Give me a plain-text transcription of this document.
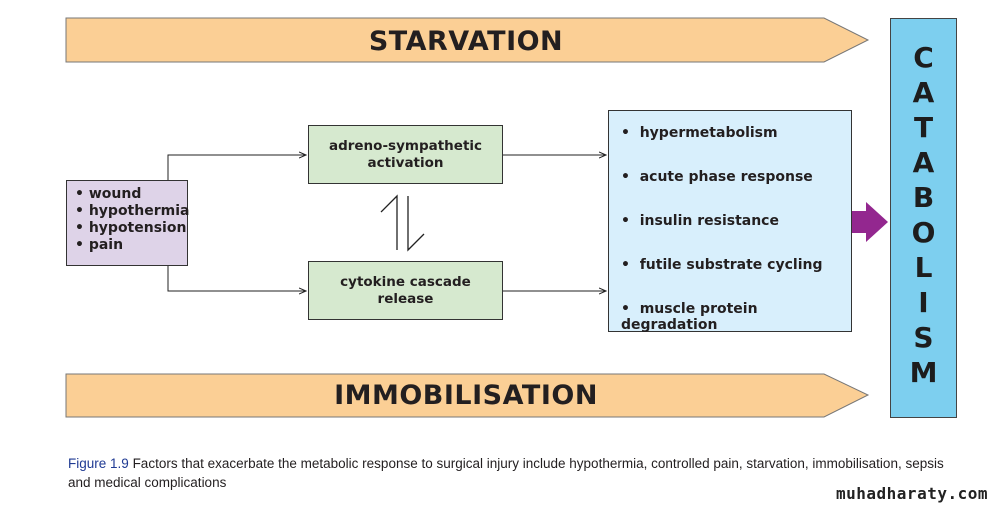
STARVATION
IMMOBILISATION
• wound
• hypothermia
• hypotension
• pain
adreno-sympathetic activation
cytokine cascade release
•  hypermetabolism
•  acute phase response
•  insulin resistance
•  futile substrate cycling
•  muscle protein degradation
C
A
T
A
B
O
L
I
S
M
Figure 1.9 Factors that exacerbate the metabolic response to surgical injury include hypothermia, controlled pain, starvation, immobilisation, sepsis and medical complications
muhadharaty.com
